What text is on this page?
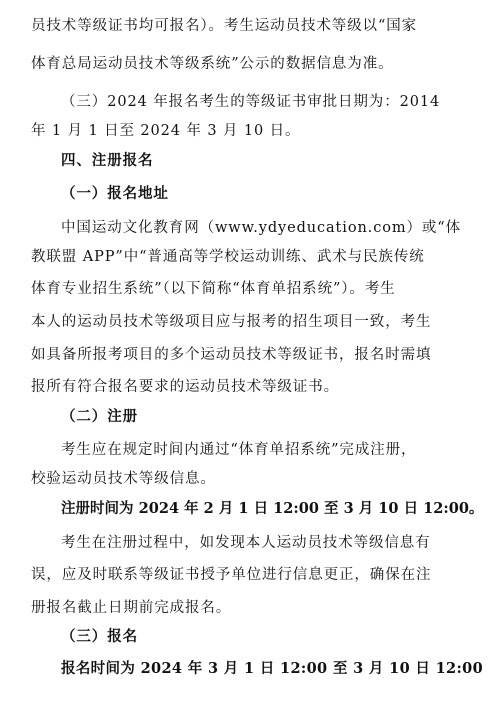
员技术等级证书均可报名）。考生运动员技术等级以“国家
体育总局运动员技术等级系统”公示的数据信息为准。
（三）2024 年报名考生的等级证书审批日期为：2014
年 1 月 1 日至 2024 年 3 月 10 日。
四、注册报名
（一）报名地址
中国运动文化教育网（www.ydyeducation.com）或“体
教联盟 APP”中“普通高等学校运动训练、武术与民族传统
体育专业招生系统”（以下简称“体育单招系统”）。考生
本人的运动员技术等级项目应与报考的招生项目一致，考生
如具备所报考项目的多个运动员技术等级证书，报名时需填
报所有符合报名要求的运动员技术等级证书。
（二）注册
考生应在规定时间内通过“体育单招系统”完成注册，
校验运动员技术等级信息。
注册时间为 2024 年 2 月 1 日 12:00 至 3 月 10 日 12:00。
考生在注册过程中，如发现本人运动员技术等级信息有
误，应及时联系等级证书授予单位进行信息更正，确保在注
册报名截止日期前完成报名。
（三）报名
报名时间为 2024 年 3 月 1 日 12:00 至 3 月 10 日 12:00
